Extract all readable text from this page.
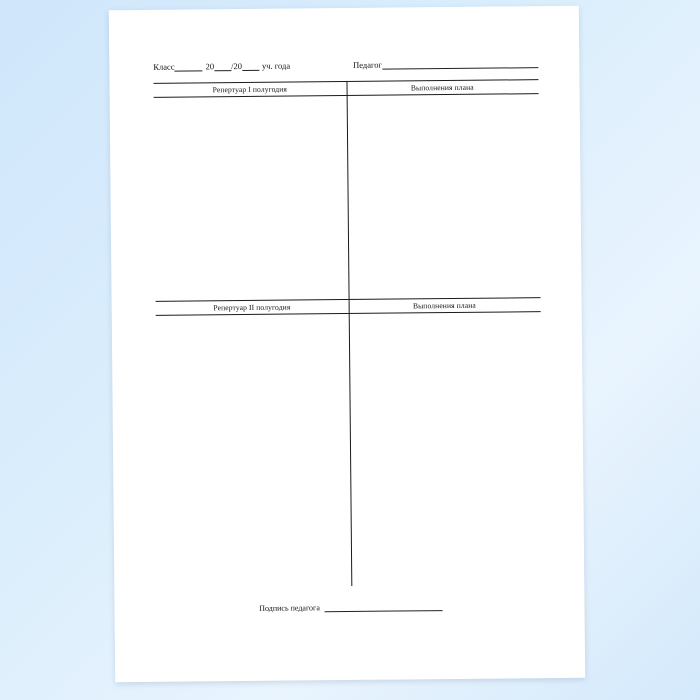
Класс	20 /20 уч. года	Педагог
Репертуар I полугодия	Выполнения плана
Репертуар II полугодия	Выполнения плана
Подпись педагога
